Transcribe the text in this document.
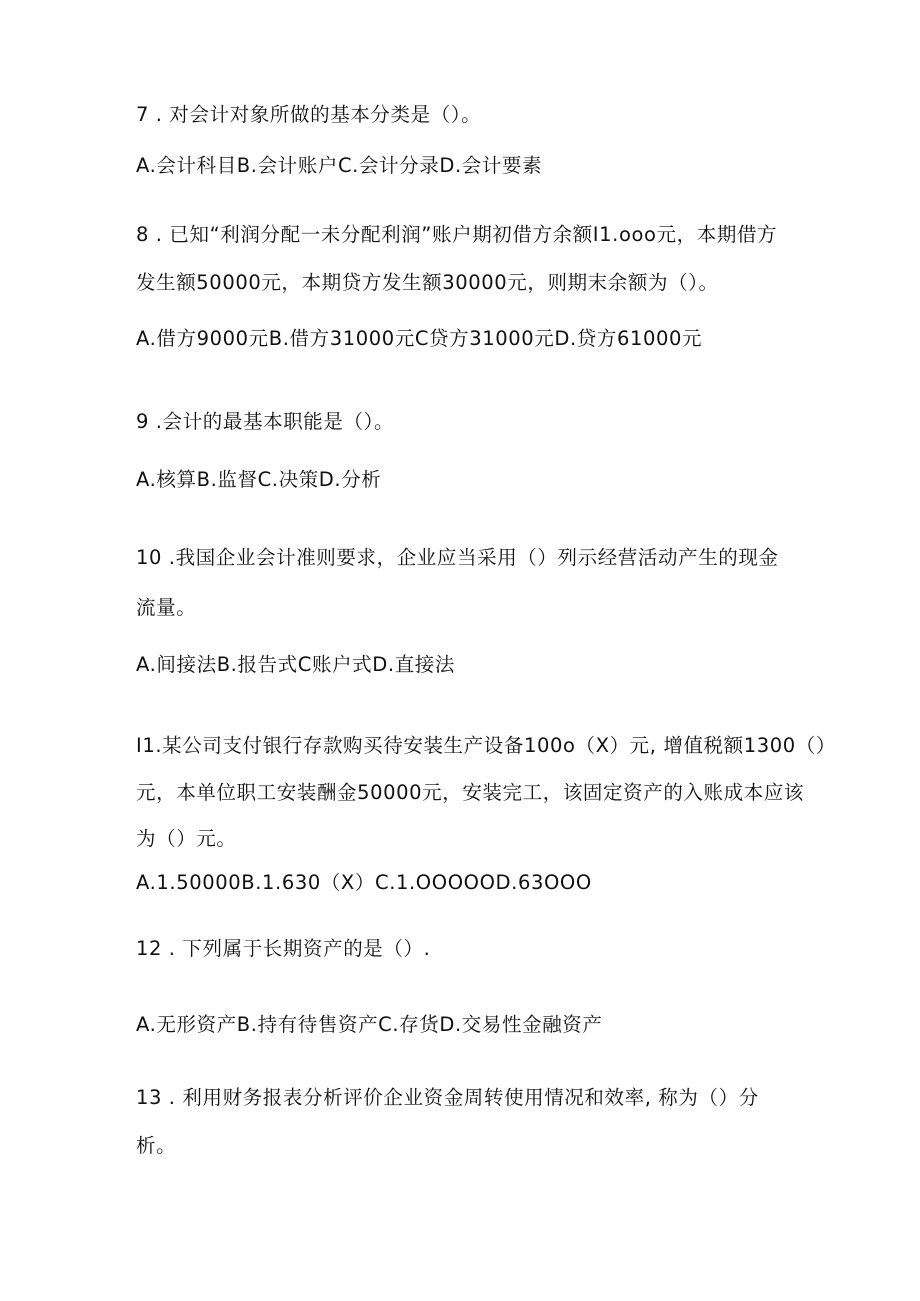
7 . 对会计对象所做的基本分类是（）。
A.会计科目B.会计账户C.会计分录D.会计要素
8 . 已知“利润分配一未分配利润”账户期初借方余额I1.ooo元，本期借方
发生额50000元，本期贷方发生额30000元，则期末余额为（）。
A.借方9000元B.借方31000元C贷方31000元D.贷方61000元
9 .会计的最基本职能是（）。
A.核算B.监督C.决策D.分析
10 .我国企业会计准则要求，企业应当采用（）列示经营活动产生的现金
流量。
A.间接法B.报告式C账户式D.直接法
I1.某公司支付银行存款购买待安装生产设备100o（X）元, 增值税额1300（）
元，本单位职工安装酬金50000元，安装完工，该固定资产的入账成本应该
为（）元。
A.1.50000B.1.630（X）C.1.OOOOOD.63OOO
12 . 下列属于长期资产的是（）.
A.无形资产B.持有待售资产C.存货D.交易性金融资产
13 . 利用财务报表分析评价企业资金周转使用情况和效率, 称为（）分
析。
